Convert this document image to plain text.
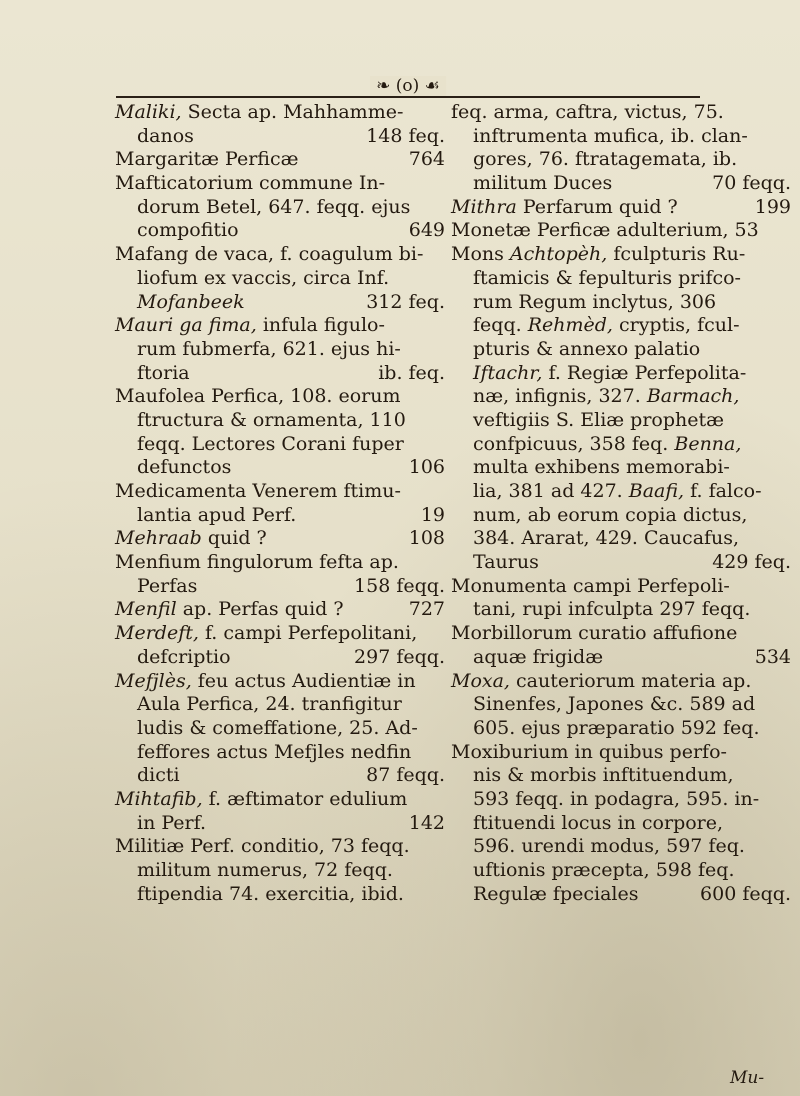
❧ (o) ☙
Maliki, Secta ap. Mahhamme-
danos	148 feq.
Margaritæ Perficæ	764
Mafticatorium commune In-
dorum Betel, 647. feqq. ejus
compofitio	649
Mafang de vaca, f. coagulum bi-
liofum ex vaccis, circa Inf.
Mofanbeek	312 feq.
Mauri ga fima, infula figulo-
rum fubmerfa, 621. ejus hi-
ftoria	ib. feq.
Maufolea Perfica, 108. eorum
ftructura & ornamenta, 110
feqq. Lectores Corani fuper
defunctos	106
Medicamenta Venerem ftimu-
lantia apud Perf.	19
Mehraab quid ?	108
Menfium fingulorum fefta ap.
Perfas	158 feqq.
Menfil ap. Perfas quid ?	727
Merdeft, f. campi Perfepolitani,
defcriptio	297 feqq.
Mefjlès, feu actus Audientiæ in
Aula Perfica, 24. tranfigitur
ludis & comeffatione, 25. Ad-
feffores actus Mefjles nedfin
dicti	87 feqq.
Mihtafib, f. æftimator edulium
in Perf.	142
Militiæ Perf. conditio, 73 feqq.
militum numerus, 72 feqq.
ftipendia 74. exercitia, ibid.
feq. arma, caftra, victus, 75.
inftrumenta mufica, ib. clan-
gores, 76. ftratagemata, ib.
militum Duces	70 feqq.
Mithra Perfarum quid ?	199
Monetæ Perficæ adulterium, 53
Mons Achtopèh, fculpturis Ru-
ftamicis & fepulturis prifco-
rum Regum inclytus, 306
feqq. Rehmèd, cryptis, fcul-
pturis & annexo palatio
Iftachr, f. Regiæ Perfepolita-
næ, infignis, 327. Barmach,
veftigiis S. Eliæ prophetæ
confpicuus, 358 feq. Benna,
multa exhibens memorabi-
lia, 381 ad 427. Baafi, f. falco-
num, ab eorum copia dictus,
384. Ararat, 429. Caucafus,
Taurus	429 feq.
Monumenta campi Perfepoli-
tani, rupi infculpta 297 feqq.
Morbillorum curatio affufione
aquæ frigidæ	534
Moxa, cauteriorum materia ap.
Sinenfes, Japones &c. 589 ad
605. ejus præparatio 592 feq.
Moxiburium in quibus perfo-
nis & morbis inftituendum,
593 feqq. in podagra, 595. in-
ftituendi locus in corpore,
596. urendi modus, 597 feq.
uftionis præcepta, 598 feq.
Regulæ fpeciales	600 feqq.
Mu-
